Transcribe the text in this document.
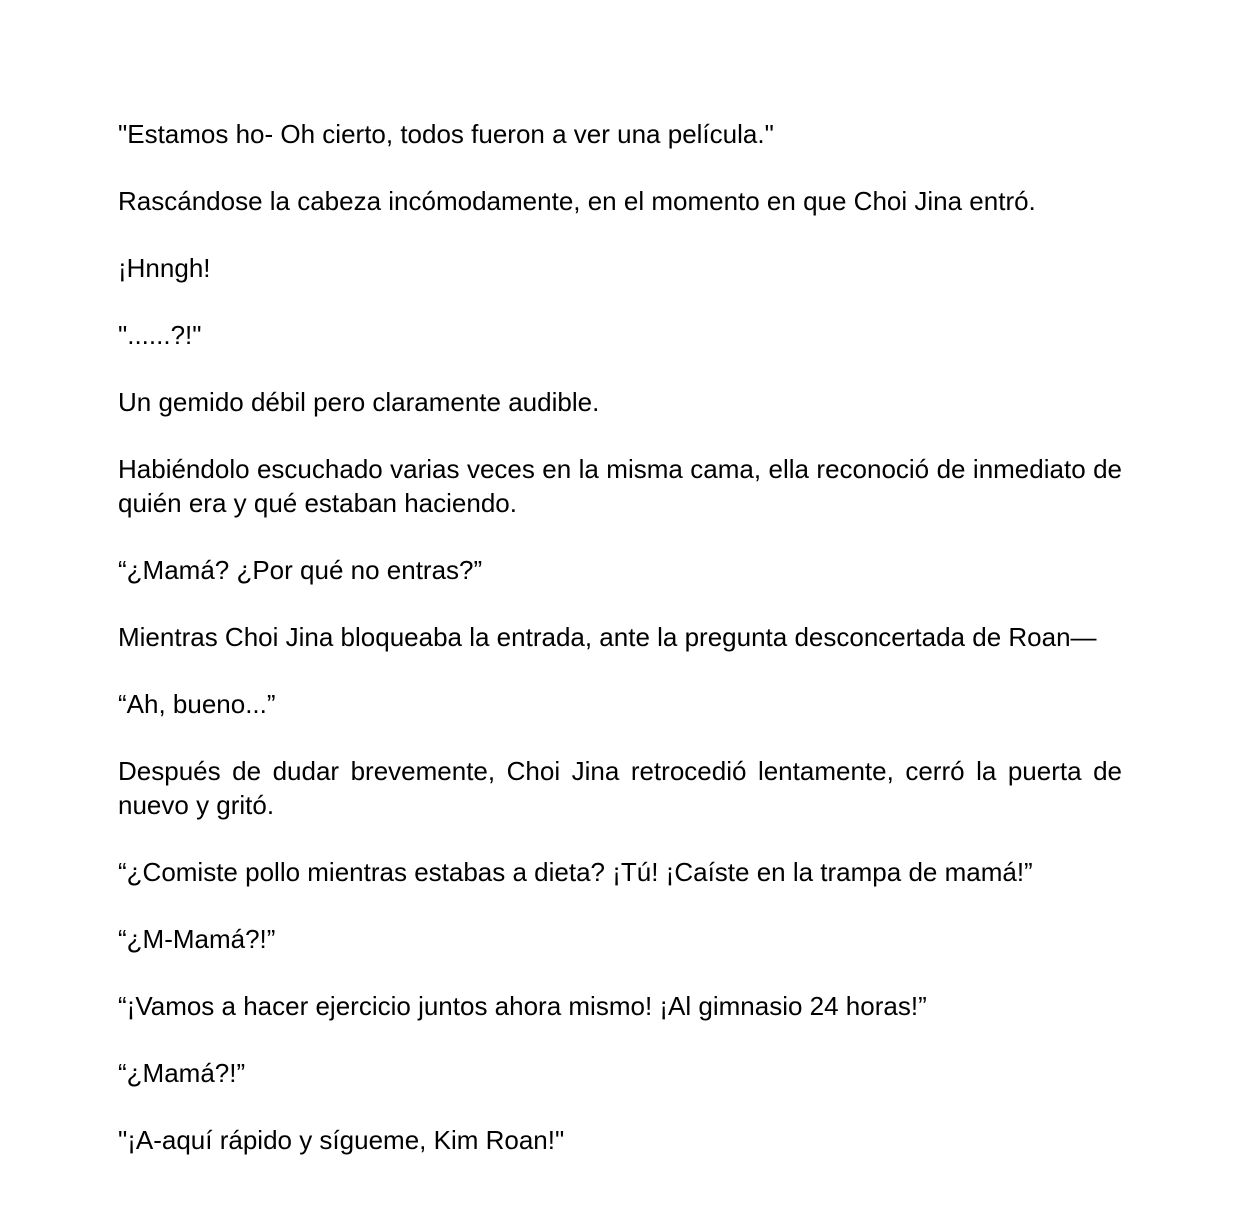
"Estamos ho- Oh cierto, todos fueron a ver una película."

Rascándose la cabeza incómodamente, en el momento en que Choi Jina entró.

¡Hnngh!

"......?!"

Un gemido débil pero claramente audible.

Habiéndolo escuchado varias veces en la misma cama, ella reconoció de inmediato de quién era y qué estaban haciendo.

“¿Mamá? ¿Por qué no entras?”

Mientras Choi Jina bloqueaba la entrada, ante la pregunta desconcertada de Roan—

“Ah, bueno...”

Después de dudar brevemente, Choi Jina retrocedió lentamente, cerró la puerta de nuevo y gritó.

“¿Comiste pollo mientras estabas a dieta? ¡Tú! ¡Caíste en la trampa de mamá!”

“¿M-Mamá?!”

“¡Vamos a hacer ejercicio juntos ahora mismo! ¡Al gimnasio 24 horas!”

“¿Mamá?!”

"¡A-aquí rápido y sígueme, Kim Roan!"
